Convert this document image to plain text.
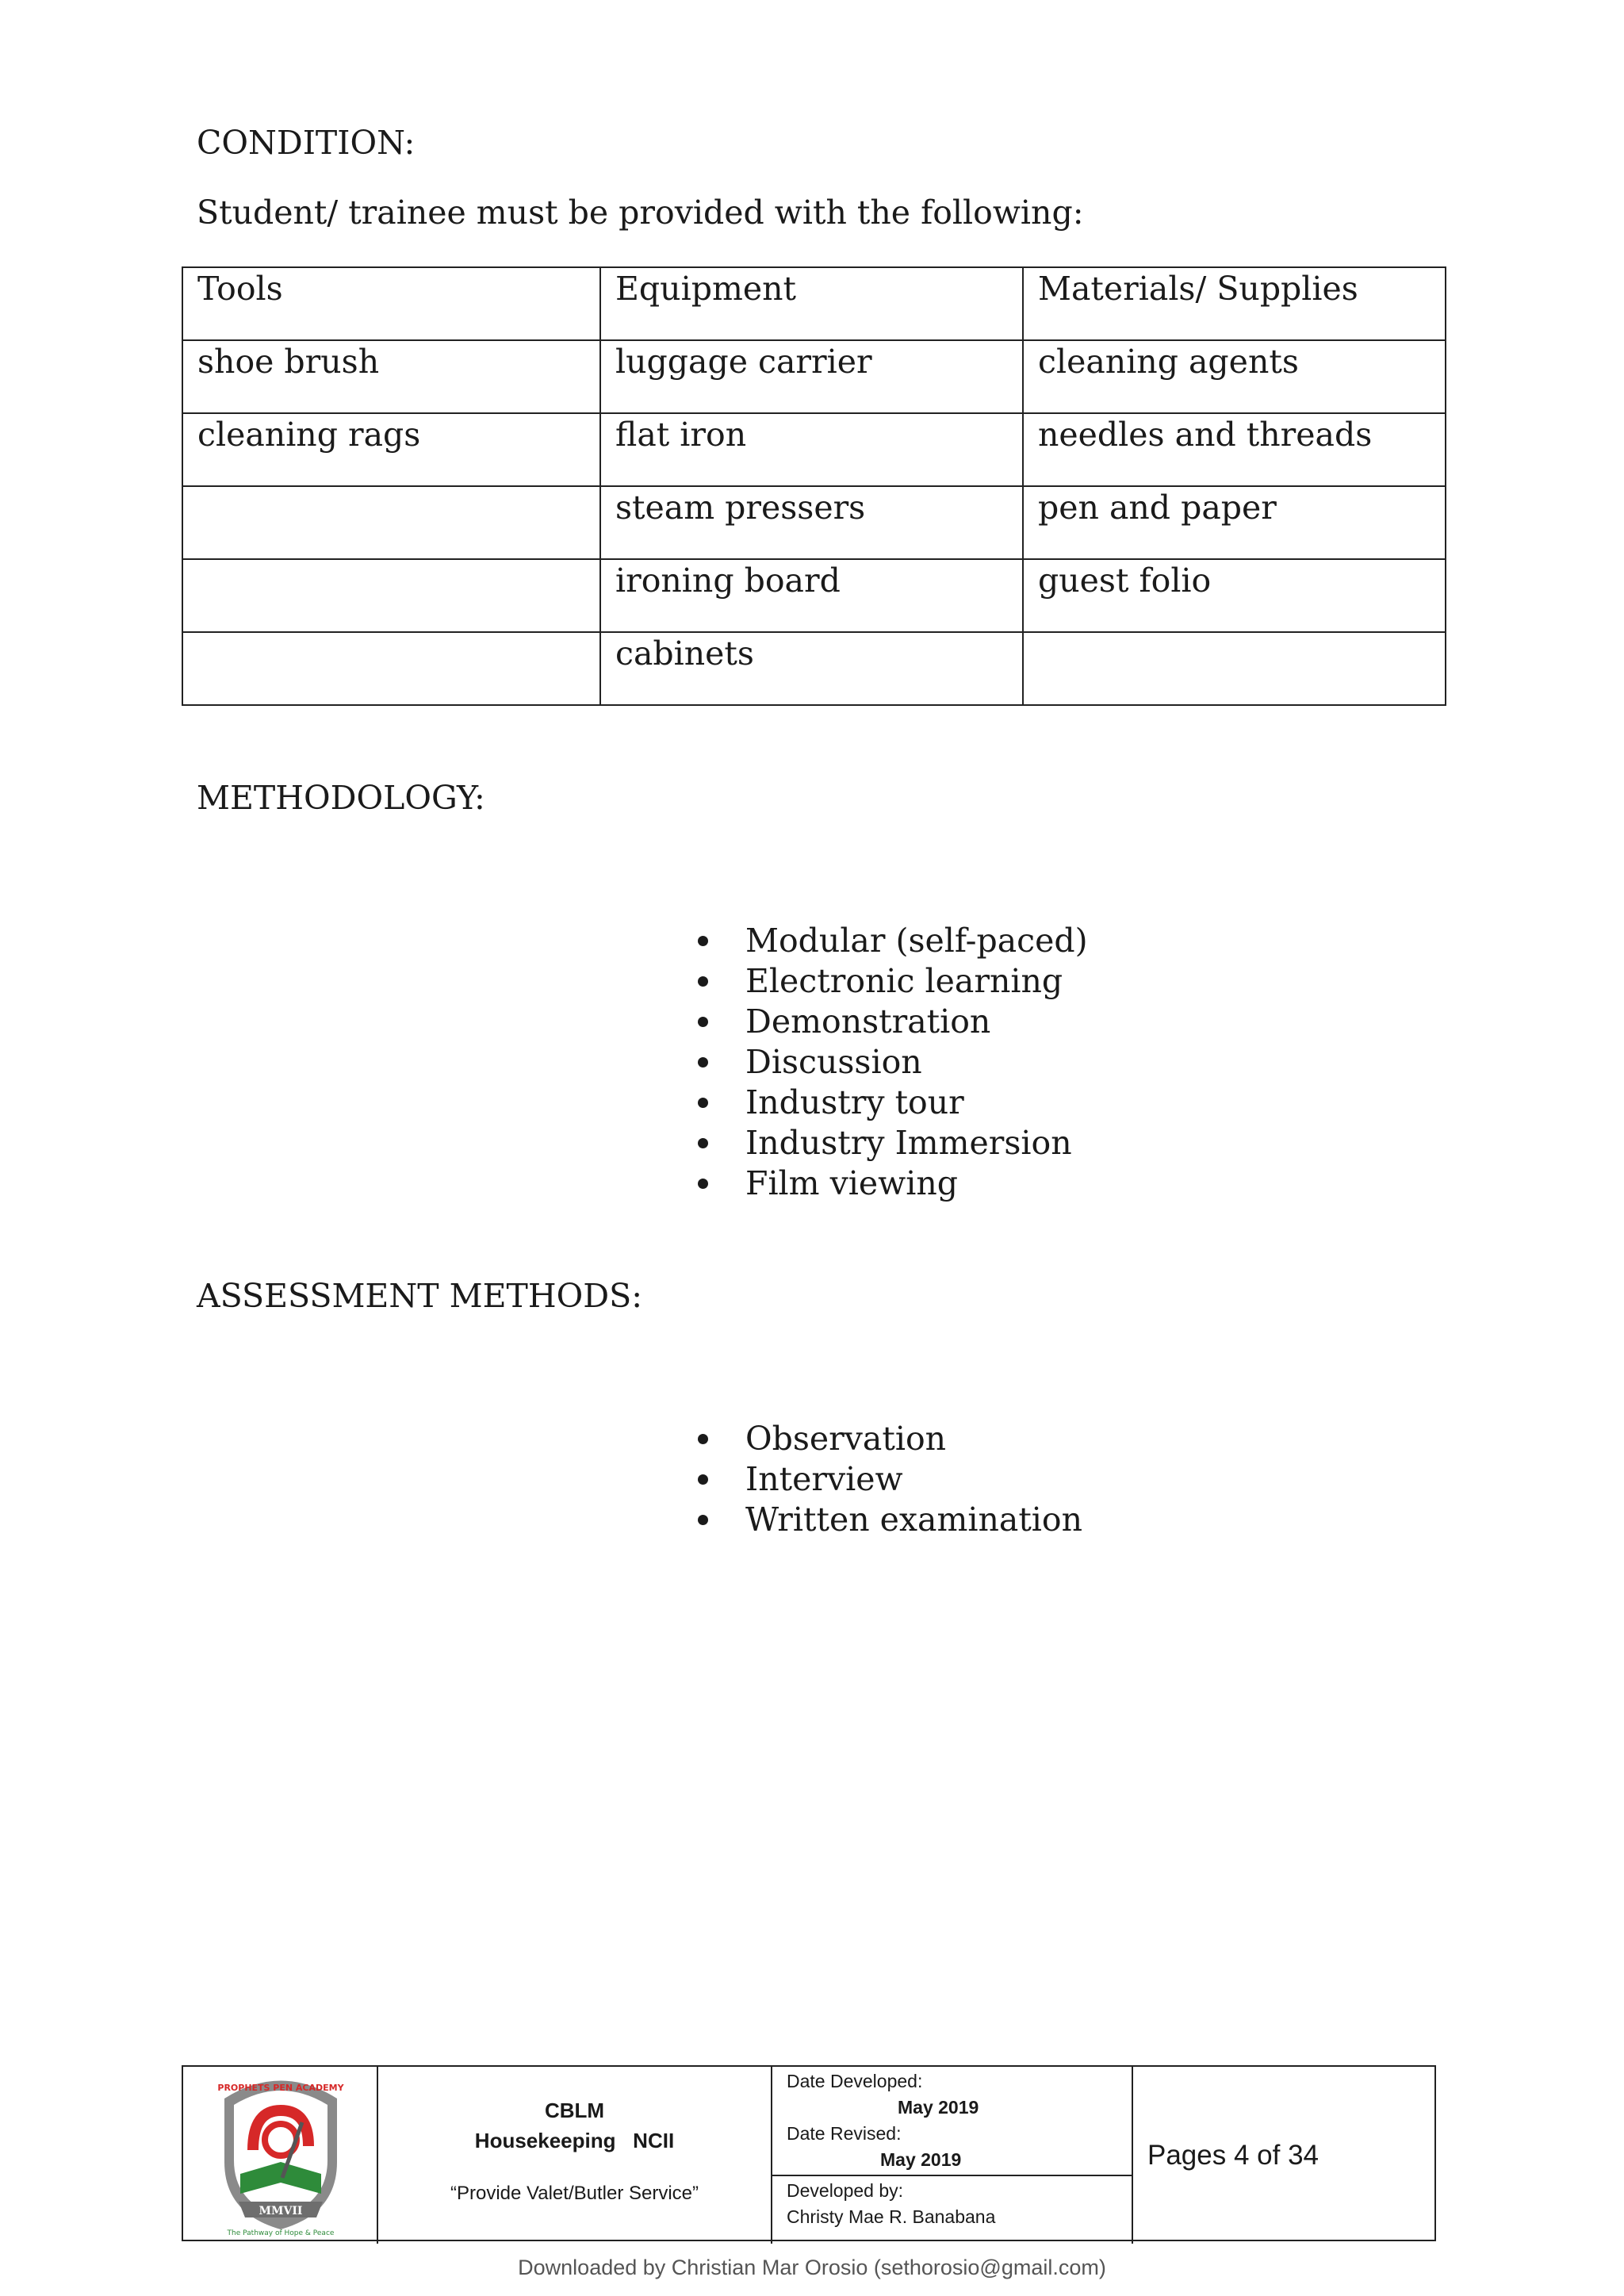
CONDITION:
Student/ trainee must be provided with the following:
Tools	Equipment	Materials/ Supplies
shoe brush	luggage carrier	cleaning agents
cleaning rags	flat iron	needles and threads
	steam pressers	pen and paper
	ironing board	guest folio
	cabinets	
METHODOLOGY:
Modular (self-paced)
Electronic learning
Demonstration
Discussion
Industry tour
Industry Immersion
Film viewing
ASSESSMENT METHODS:
Observation
Interview
Written examination
MMVII
PROPHETS PEN ACADEMY
The Pathway of Hope & Peace
CBLM
Housekeeping   NCII
“Provide Valet/Butler Service”
Date Developed:
May 2019
Date Revised:
May 2019
Developed by:
Christy Mae R. Banabana
Pages 4 of 34
Downloaded by Christian Mar Orosio (sethorosio@gmail.com)
